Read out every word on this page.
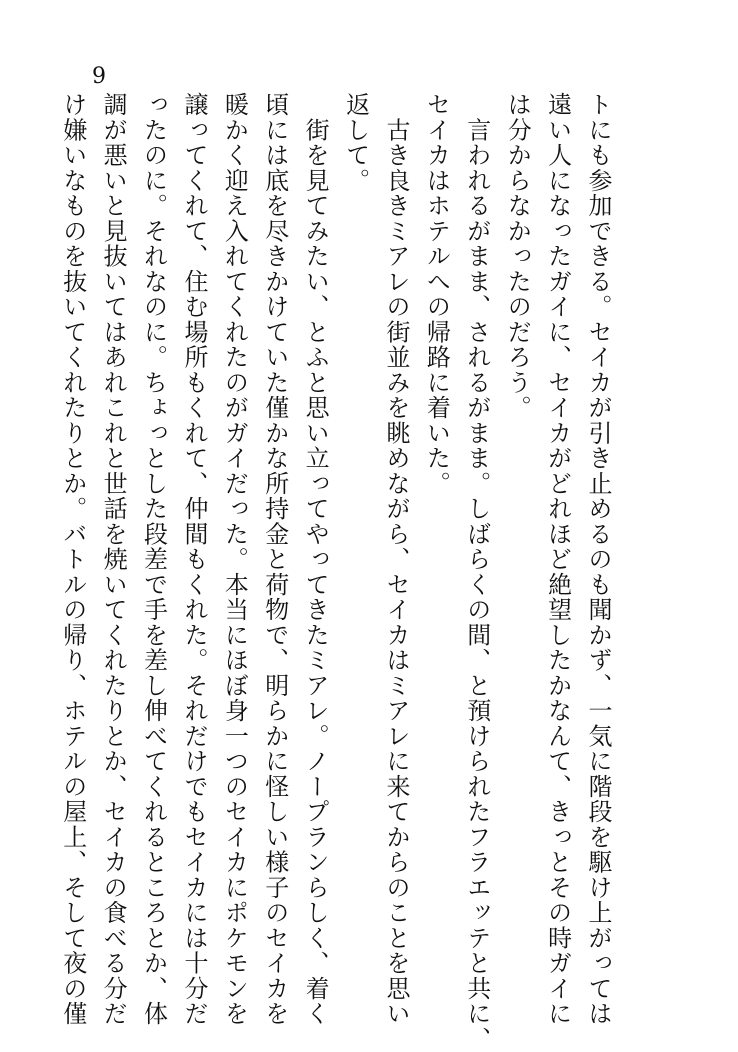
9
トにも参加できる。セイカが引き止めるのも聞かず、一気に階段を駆け上がっては
遠い人になったガイに、セイカがどれほど絶望したかなんて、きっとその時ガイに
は分からなかったのだろう。
　言われるがまま、されるがまま。しばらくの間、と預けられたフラエッテと共に、
セイカはホテルへの帰路に着いた。
　古き良きミアレの街並みを眺めながら、セイカはミアレに来てからのことを思い
返して。
　街を見てみたい、とふと思い立ってやってきたミアレ。ノープランらしく、着く
頃には底を尽きかけていた僅かな所持金と荷物で、明らかに怪しい様子のセイカを
暖かく迎え入れてくれたのがガイだった。本当にほぼ身一つのセイカにポケモンを
譲ってくれて、住む場所もくれて、仲間もくれた。それだけでもセイカには十分だ
ったのに。それなのに。ちょっとした段差で手を差し伸べてくれるところとか、体
調が悪いと見抜いてはあれこれと世話を焼いてくれたりとか、セイカの食べる分だ
け嫌いなものを抜いてくれたりとか。バトルの帰り、ホテルの屋上、そして夜の僅
